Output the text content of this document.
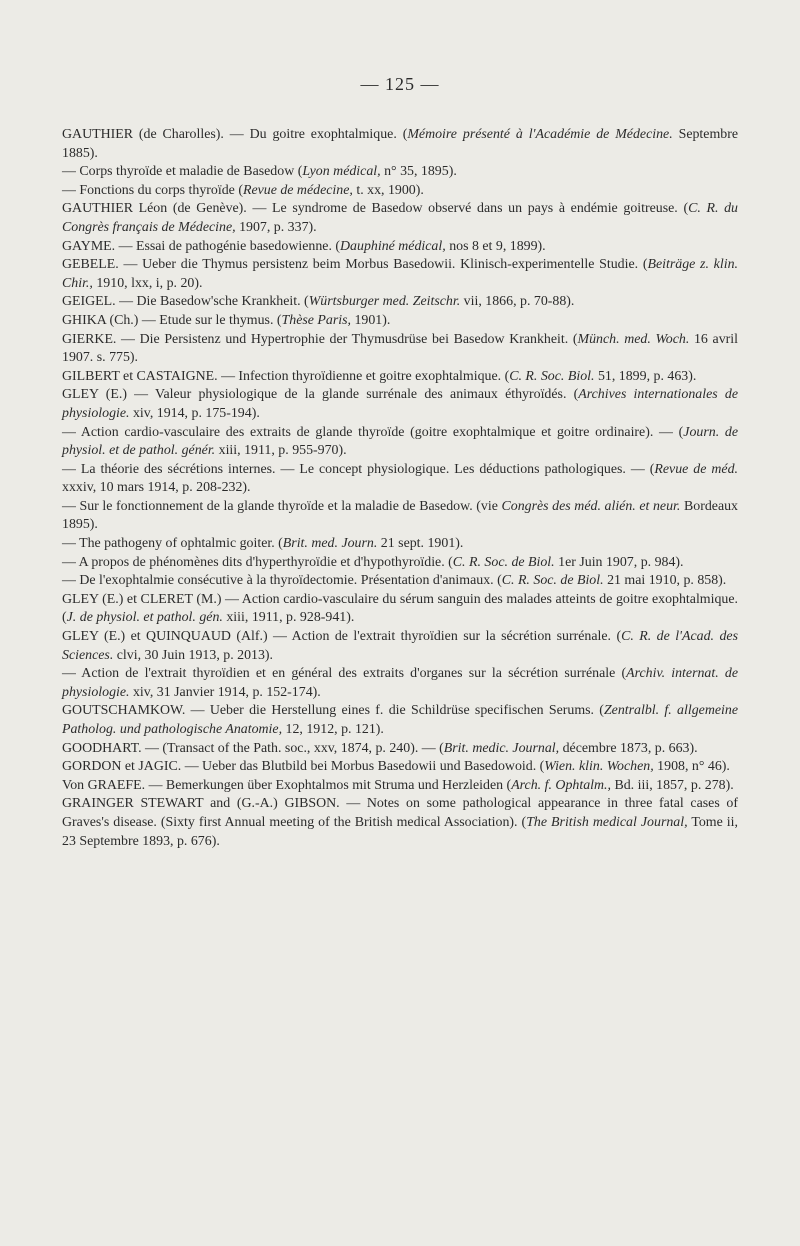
— 125 —

GAUTHIER (de Charolles). — Du goitre exophtalmique. (Mémoire présenté à l'Académie de Médecine. Septembre 1885).

— Corps thyroïde et maladie de Basedow (Lyon médical, n° 35, 1895).

— Fonctions du corps thyroïde (Revue de médecine, t. xx, 1900).

GAUTHIER Léon (de Genève). — Le syndrome de Basedow observé dans un pays à endémie goitreuse. (C. R. du Congrès français de Médecine, 1907, p. 337).

GAYME. — Essai de pathogénie basedowienne. (Dauphiné médical, nos 8 et 9, 1899).

GEBELE. — Ueber die Thymus persistenz beim Morbus Basedowii. Klinisch-experimentelle Studie. (Beiträge z. klin. Chir., 1910, lxx, i, p. 20).

GEIGEL. — Die Basedow'sche Krankheit. (Würtsburger med. Zeitschr. vii, 1866, p. 70-88).

GHIKA (Ch.) — Etude sur le thymus. (Thèse Paris, 1901).

GIERKE. — Die Persistenz und Hypertrophie der Thymusdrüse bei Basedow Krankheit. (Münch. med. Woch. 16 avril 1907. s. 775).

GILBERT et CASTAIGNE. — Infection thyroïdienne et goitre exophtalmique. (C. R. Soc. Biol. 51, 1899, p. 463).

GLEY (E.) — Valeur physiologique de la glande surrénale des animaux éthyroïdés. (Archives internationales de physiologie. xiv, 1914, p. 175-194).

— Action cardio-vasculaire des extraits de glande thyroïde (goitre exophtalmique et goitre ordinaire). — (Journ. de physiol. et de pathol. génér. xiii, 1911, p. 955-970).

— La théorie des sécrétions internes. — Le concept physiologique. Les déductions pathologiques. — (Revue de méd. xxxiv, 10 mars 1914, p. 208-232).

— Sur le fonctionnement de la glande thyroïde et la maladie de Basedow. (vie Congrès des méd. alién. et neur. Bordeaux 1895).

— The pathogeny of ophtalmic goiter. (Brit. med. Journ. 21 sept. 1901).

— A propos de phénomènes dits d'hyperthyroïdie et d'hypothyroïdie. (C. R. Soc. de Biol. 1er Juin 1907, p. 984).

— De l'exophtalmie consécutive à la thyroïdectomie. Présentation d'animaux. (C. R. Soc. de Biol. 21 mai 1910, p. 858).

GLEY (E.) et CLERET (M.) — Action cardio-vasculaire du sérum sanguin des malades atteints de goitre exophtalmique. (J. de physiol. et pathol. gén. xiii, 1911, p. 928-941).

GLEY (E.) et QUINQUAUD (Alf.) — Action de l'extrait thyroïdien sur la sécrétion surrénale. (C. R. de l'Acad. des Sciences. clvi, 30 Juin 1913, p. 2013).

— Action de l'extrait thyroïdien et en général des extraits d'organes sur la sécrétion surrénale (Archiv. internat. de physiologie. xiv, 31 Janvier 1914, p. 152-174).

GOUTSCHAMKOW. — Ueber die Herstellung eines f. die Schildrüse specifischen Serums. (Zentralbl. f. allgemeine Patholog. und pathologische Anatomie, 12, 1912, p. 121).

GOODHART. — (Transact of the Path. soc., xxv, 1874, p. 240). — (Brit. medic. Journal, décembre 1873, p. 663).

GORDON et JAGIC. — Ueber das Blutbild bei Morbus Basedowii und Basedowoid. (Wien. klin. Wochen, 1908, n° 46).

Von GRAEFE. — Bemerkungen über Exophtalmos mit Struma und Herzleiden (Arch. f. Ophtalm., Bd. iii, 1857, p. 278).

GRAINGER STEWART and (G.-A.) GIBSON. — Notes on some pathological appearance in three fatal cases of Graves's disease. (Sixty first Annual meeting of the British medical Association). (The British medical Journal, Tome ii, 23 Septembre 1893, p. 676).
